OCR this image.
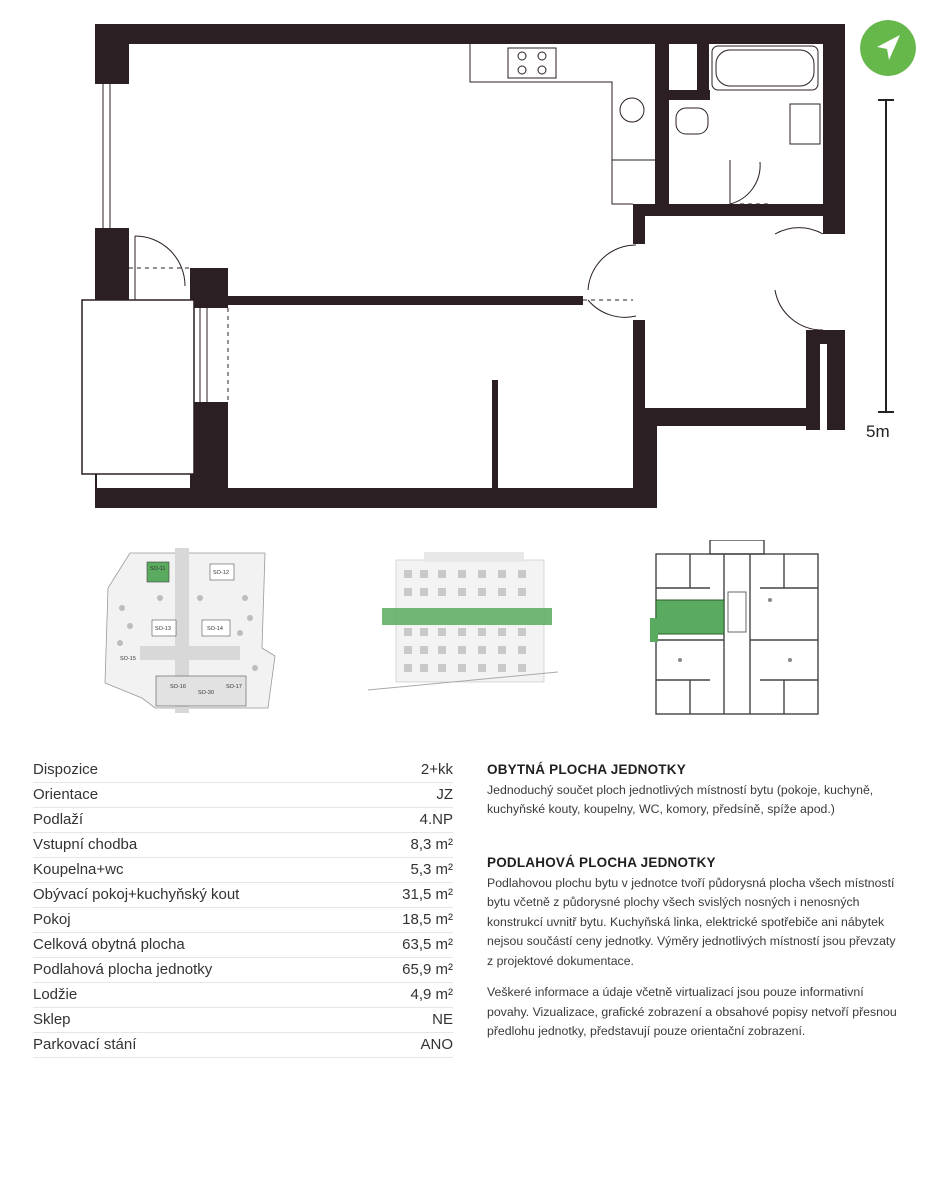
5m
SO-11
SO-12
SO-13	SO-14
SO-15
SO-16
SO-30
SO-17
Dispozice	2+kk
Orientace	JZ
Podlaží	4.NP
Vstupní chodba	8,3 m²
Koupelna+wc	5,3 m²
Obývací pokoj+kuchyňský kout	31,5 m²
Pokoj	18,5 m²
Celková obytná plocha	63,5 m²
Podlahová plocha jednotky	65,9 m²
Lodžie	4,9 m²
Sklep	NE
Parkovací stání	ANO
OBYTNÁ PLOCHA JEDNOTKY

Jednoduchý součet ploch jednotlivých místností bytu (pokoje, kuchyně, kuchyňské kouty, koupelny, WC, komory, předsíně, spíže apod.)

PODLAHOVÁ PLOCHA JEDNOTKY

Podlahovou plochu bytu v jednotce tvoří půdorysná plocha všech místností bytu včetně z půdorysné plochy všech svislých nosných i nenosných konstrukcí uvnitř bytu. Kuchyňská linka, elektrické spotřebiče ani nábytek nejsou součástí ceny jednotky. Výměry jednotlivých místností jsou převzaty z projektové dokumentace.

Veškeré informace a údaje včetně virtualizací jsou pouze informativní povahy. Vizualizace, grafické zobrazení a obsahové popisy netvoří přesnou předlohu jednotky, představují pouze orientační zobrazení.
